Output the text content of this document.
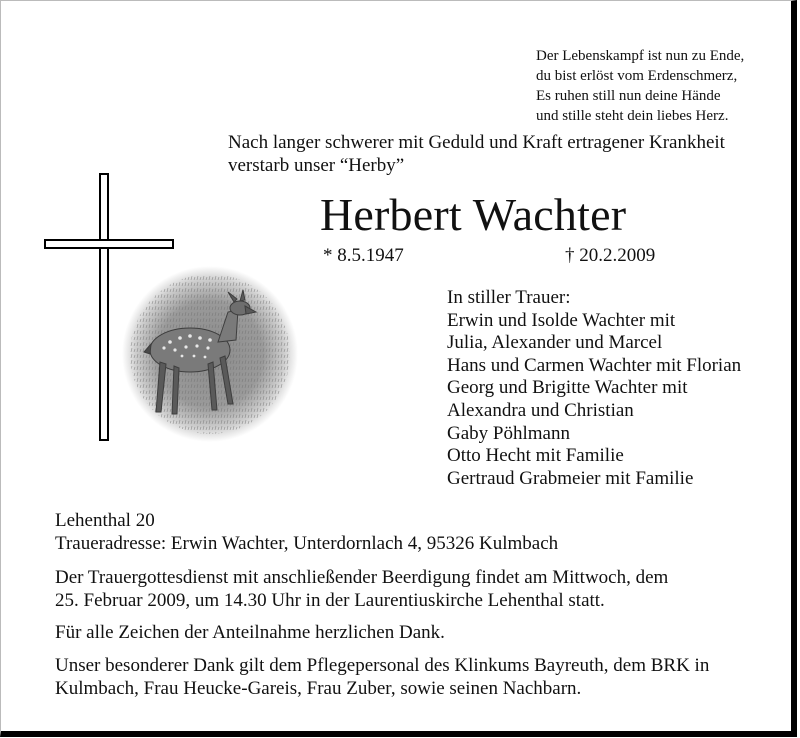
Der Lebenskampf ist nun zu Ende,

du bist erlöst vom Erdenschmerz,

Es ruhen still nun deine Hände

und stille steht dein liebes Herz.

Nach langer schwerer mit Geduld und Kraft ertragener Krankheit

verstarb unser “Herby”

Herbert Wachter
* 8.5.1947	† 20.2.2009

In stiller Trauer:

Erwin und Isolde Wachter mit

Julia, Alexander und Marcel

Hans und Carmen Wachter mit Florian

Georg und Brigitte Wachter mit

Alexandra und Christian

Gaby Pöhlmann

Otto Hecht mit Familie

Gertraud Grabmeier mit Familie

Lehenthal 20

Traueradresse: Erwin Wachter, Unterdornlach 4, 95326 Kulmbach

Der Trauergottesdienst mit anschließender Beerdigung findet am Mittwoch, dem

25. Februar 2009, um 14.30 Uhr in der Laurentiuskirche Lehenthal statt.

Für alle Zeichen der Anteilnahme herzlichen Dank.

Unser besonderer Dank gilt dem Pflegepersonal des Klinkums Bayreuth, dem BRK in

Kulmbach, Frau Heucke-Gareis, Frau Zuber, sowie seinen Nachbarn.
